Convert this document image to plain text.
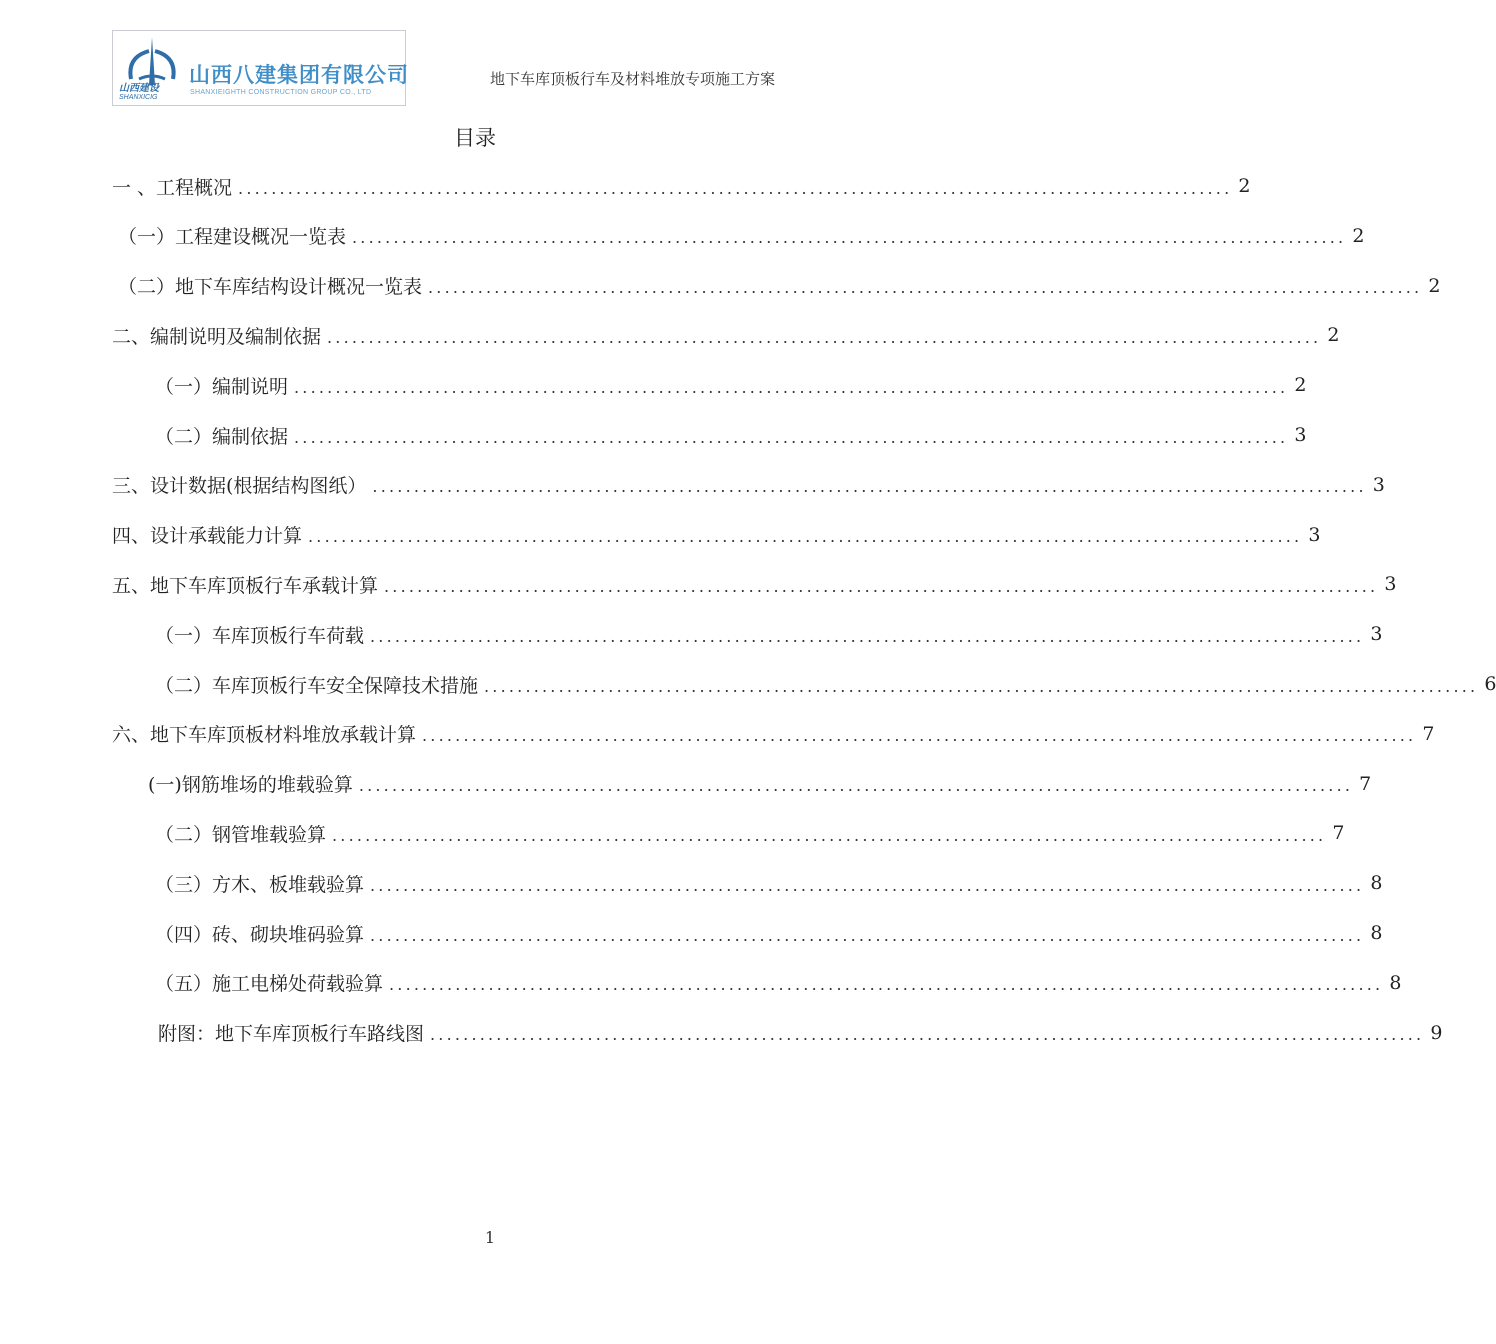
山西建设
SHANXICIG
山西八建集团有限公司
SHANXIEIGHTH CONSTRUCTION GROUP CO., LTD
地下车库顶板行车及材料堆放专项施工方案
目录
一 、工程概况 ........................................................................................................................ 2
（一）工程建设概况一览表 ........................................................................................................................ 2
（二）地下车库结构设计概况一览表 ........................................................................................................................ 2
二、编制说明及编制依据 ........................................................................................................................ 2
（一）编制说明 ........................................................................................................................ 2
（二）编制依据 ........................................................................................................................ 3
三、设计数据(根据结构图纸） ........................................................................................................................ 3
四、设计承载能力计算 ........................................................................................................................ 3
五、地下车库顶板行车承载计算 ........................................................................................................................ 3
（一）车库顶板行车荷载 ........................................................................................................................ 3
（二）车库顶板行车安全保障技术措施 ........................................................................................................................ 6
六、地下车库顶板材料堆放承载计算 ........................................................................................................................ 7
(一)钢筋堆场的堆载验算 ........................................................................................................................ 7
（二）钢管堆载验算 ........................................................................................................................ 7
（三）方木、板堆载验算 ........................................................................................................................ 8
（四）砖、砌块堆码验算 ........................................................................................................................ 8
（五）施工电梯处荷载验算 ........................................................................................................................ 8
附图：地下车库顶板行车路线图 ........................................................................................................................ 9
1
